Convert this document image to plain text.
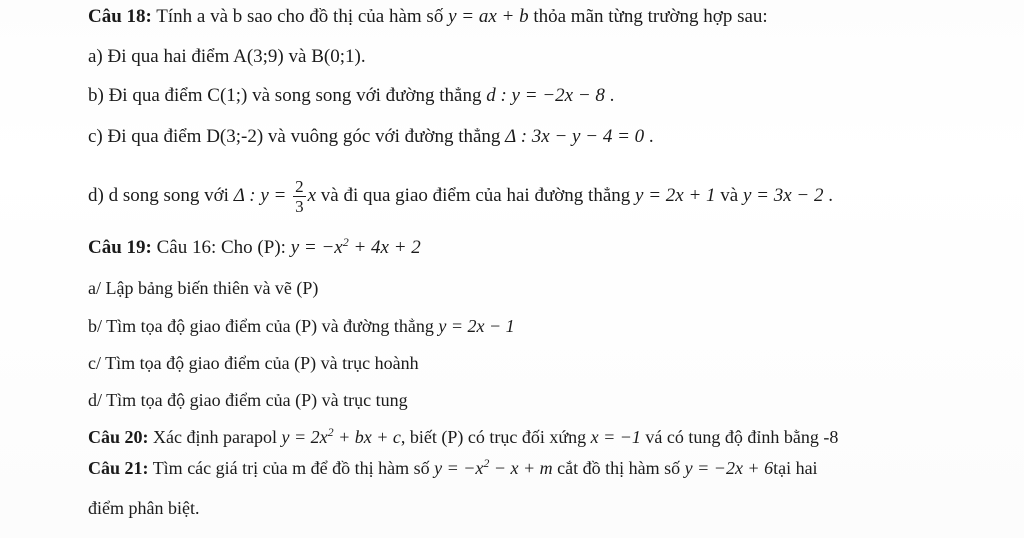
Câu 18: Tính a và b sao cho đồ thị của hàm số y = ax + b thỏa mãn từng trường hợp sau:
a) Đi qua hai điểm A(3;9) và B(0;1).
b) Đi qua điểm C(1;) và song song với đường thẳng d : y = −2x − 8 .
c) Đi qua điểm D(3;-2) và vuông góc với đường thẳng Δ : 3x − y − 4 = 0 .
d) d song song với Δ : $y = \frac{2}{3}$ x và đi qua giao điểm của hai đường thẳng y = 2x + 1 và y = 3x − 2 .
Câu 19: Câu 16: Cho (P): $y = -x^2 + 4x + 2$
a/ Lập bảng biến thiên và vẽ (P)
b/ Tìm tọa độ giao điểm của (P) và đường thẳng y = 2x − 1
c/ Tìm tọa độ giao điểm của (P) và trục hoành
d/ Tìm tọa độ giao điểm của (P) và trục tung
Câu 20: Xác định parapol $y = 2x^2$ + bx + c, biết (P) có trục đối xứng x = −1 vá có tung độ đỉnh bằng -8
Câu 21: Tìm các giá trị của m để đồ thị hàm số $y = -x^2 - x + m$ cắt đồ thị hàm số y = −2x + 6tại hai
điểm phân biệt.
